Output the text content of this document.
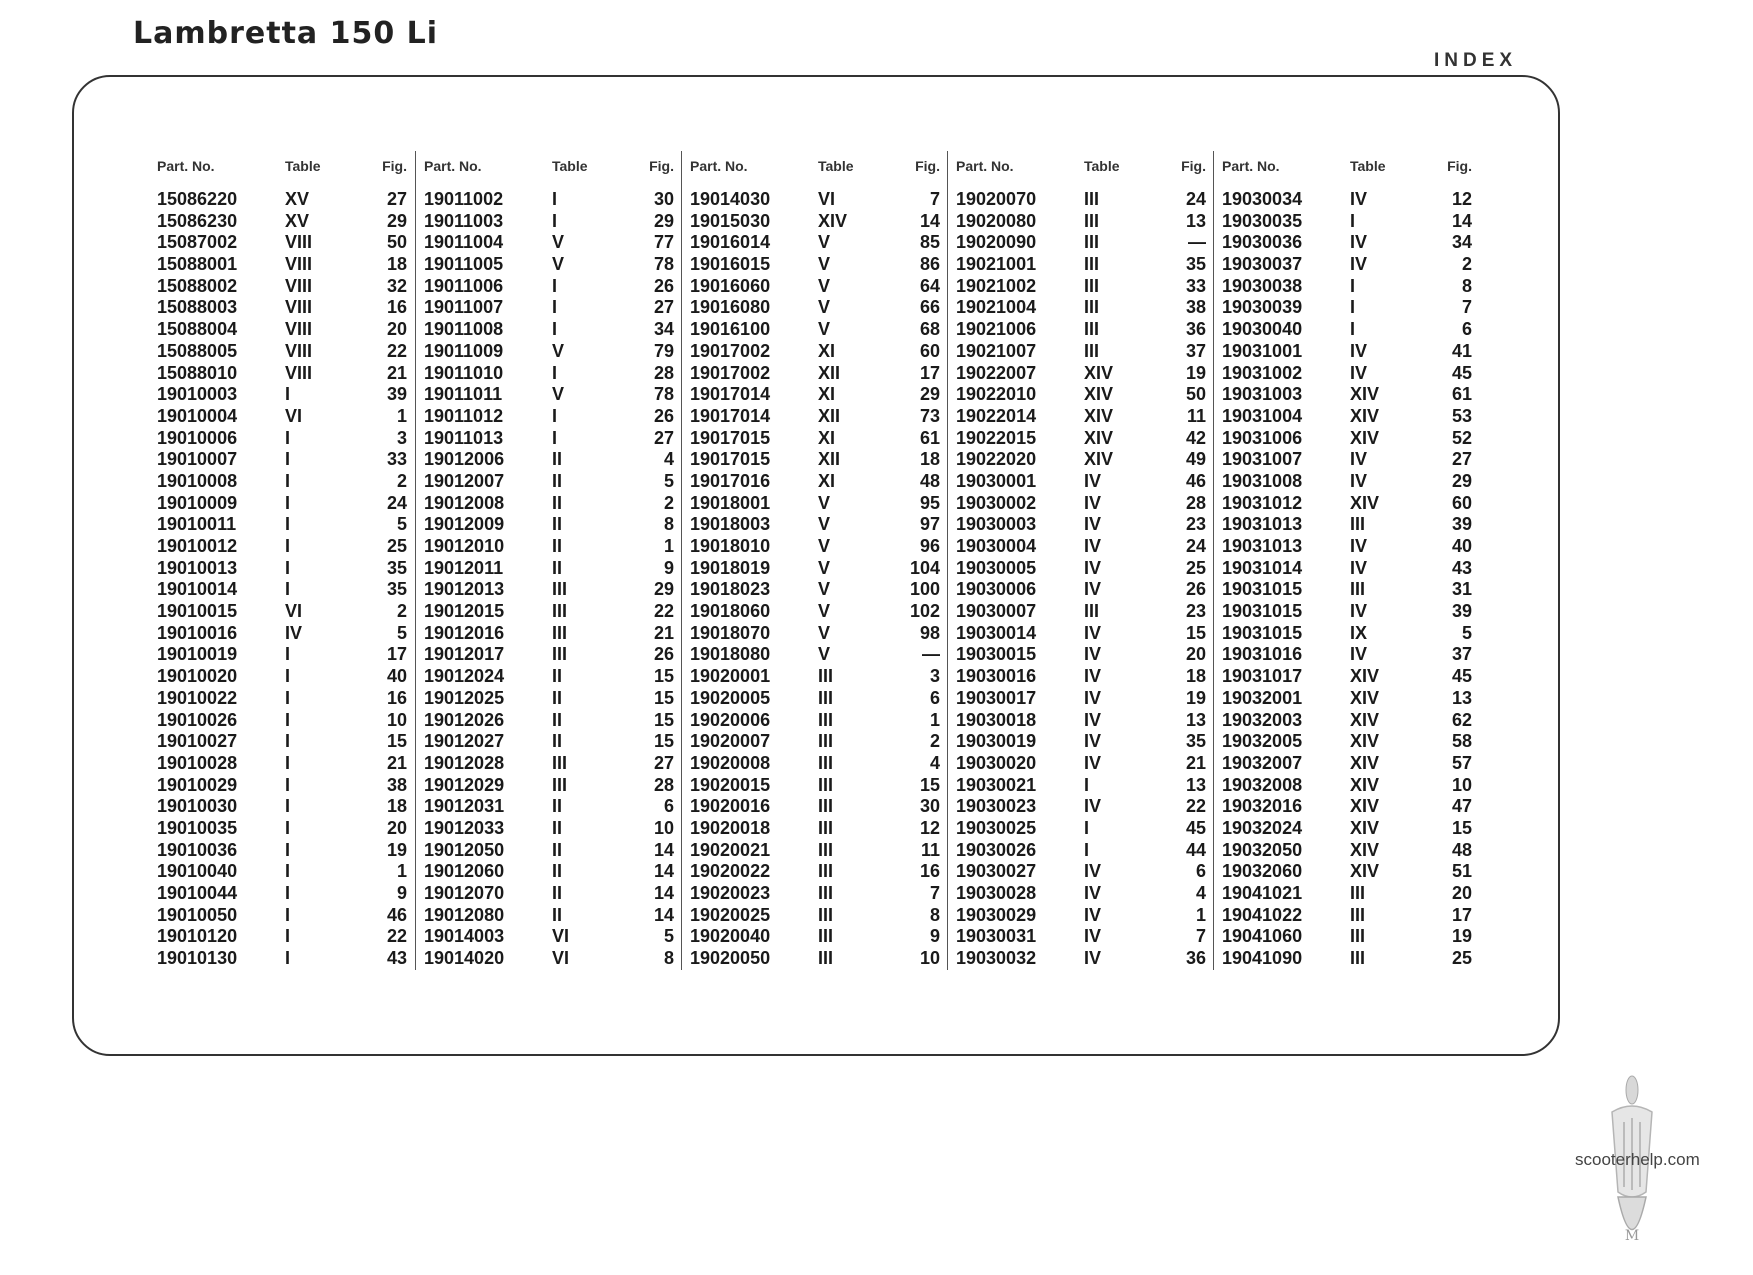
Lambretta 150 Li
INDEX
Part. No.	Table	Fig.
15086220	XV	27
15086230	XV	29
15087002	VIII	50
15088001	VIII	18
15088002	VIII	32
15088003	VIII	16
15088004	VIII	20
15088005	VIII	22
15088010	VIII	21
19010003	I	39
19010004	VI	1
19010006	I	3
19010007	I	33
19010008	I	2
19010009	I	24
19010011	I	5
19010012	I	25
19010013	I	35
19010014	I	35
19010015	VI	2
19010016	IV	5
19010019	I	17
19010020	I	40
19010022	I	16
19010026	I	10
19010027	I	15
19010028	I	21
19010029	I	38
19010030	I	18
19010035	I	20
19010036	I	19
19010040	I	1
19010044	I	9
19010050	I	46
19010120	I	22
19010130	I	43
Part. No.	Table	Fig.
19011002	I	30
19011003	I	29
19011004	V	77
19011005	V	78
19011006	I	26
19011007	I	27
19011008	I	34
19011009	V	79
19011010	I	28
19011011	V	78
19011012	I	26
19011013	I	27
19012006	II	4
19012007	II	5
19012008	II	2
19012009	II	8
19012010	II	1
19012011	II	9
19012013	III	29
19012015	III	22
19012016	III	21
19012017	III	26
19012024	II	15
19012025	II	15
19012026	II	15
19012027	II	15
19012028	III	27
19012029	III	28
19012031	II	6
19012033	II	10
19012050	II	14
19012060	II	14
19012070	II	14
19012080	II	14
19014003	VI	5
19014020	VI	8
Part. No.	Table	Fig.
19014030	VI	7
19015030	XIV	14
19016014	V	85
19016015	V	86
19016060	V	64
19016080	V	66
19016100	V	68
19017002	XI	60
19017002	XII	17
19017014	XI	29
19017014	XII	73
19017015	XI	61
19017015	XII	18
19017016	XI	48
19018001	V	95
19018003	V	97
19018010	V	96
19018019	V	104
19018023	V	100
19018060	V	102
19018070	V	98
19018080	V	—
19020001	III	3
19020005	III	6
19020006	III	1
19020007	III	2
19020008	III	4
19020015	III	15
19020016	III	30
19020018	III	12
19020021	III	11
19020022	III	16
19020023	III	7
19020025	III	8
19020040	III	9
19020050	III	10
Part. No.	Table	Fig.
19020070	III	24
19020080	III	13
19020090	III	—
19021001	III	35
19021002	III	33
19021004	III	38
19021006	III	36
19021007	III	37
19022007	XIV	19
19022010	XIV	50
19022014	XIV	11
19022015	XIV	42
19022020	XIV	49
19030001	IV	46
19030002	IV	28
19030003	IV	23
19030004	IV	24
19030005	IV	25
19030006	IV	26
19030007	III	23
19030014	IV	15
19030015	IV	20
19030016	IV	18
19030017	IV	19
19030018	IV	13
19030019	IV	35
19030020	IV	21
19030021	I	13
19030023	IV	22
19030025	I	45
19030026	I	44
19030027	IV	6
19030028	IV	4
19030029	IV	1
19030031	IV	7
19030032	IV	36
Part. No.	Table	Fig.
19030034	IV	12
19030035	I	14
19030036	IV	34
19030037	IV	2
19030038	I	8
19030039	I	7
19030040	I	6
19031001	IV	41
19031002	IV	45
19031003	XIV	61
19031004	XIV	53
19031006	XIV	52
19031007	IV	27
19031008	IV	29
19031012	XIV	60
19031013	III	39
19031013	IV	40
19031014	IV	43
19031015	III	31
19031015	IV	39
19031015	IX	5
19031016	IV	37
19031017	XIV	45
19032001	XIV	13
19032003	XIV	62
19032005	XIV	58
19032007	XIV	57
19032008	XIV	10
19032016	XIV	47
19032024	XIV	15
19032050	XIV	48
19032060	XIV	51
19041021	III	20
19041022	III	17
19041060	III	19
19041090	III	25
M
scooterhelp.com
